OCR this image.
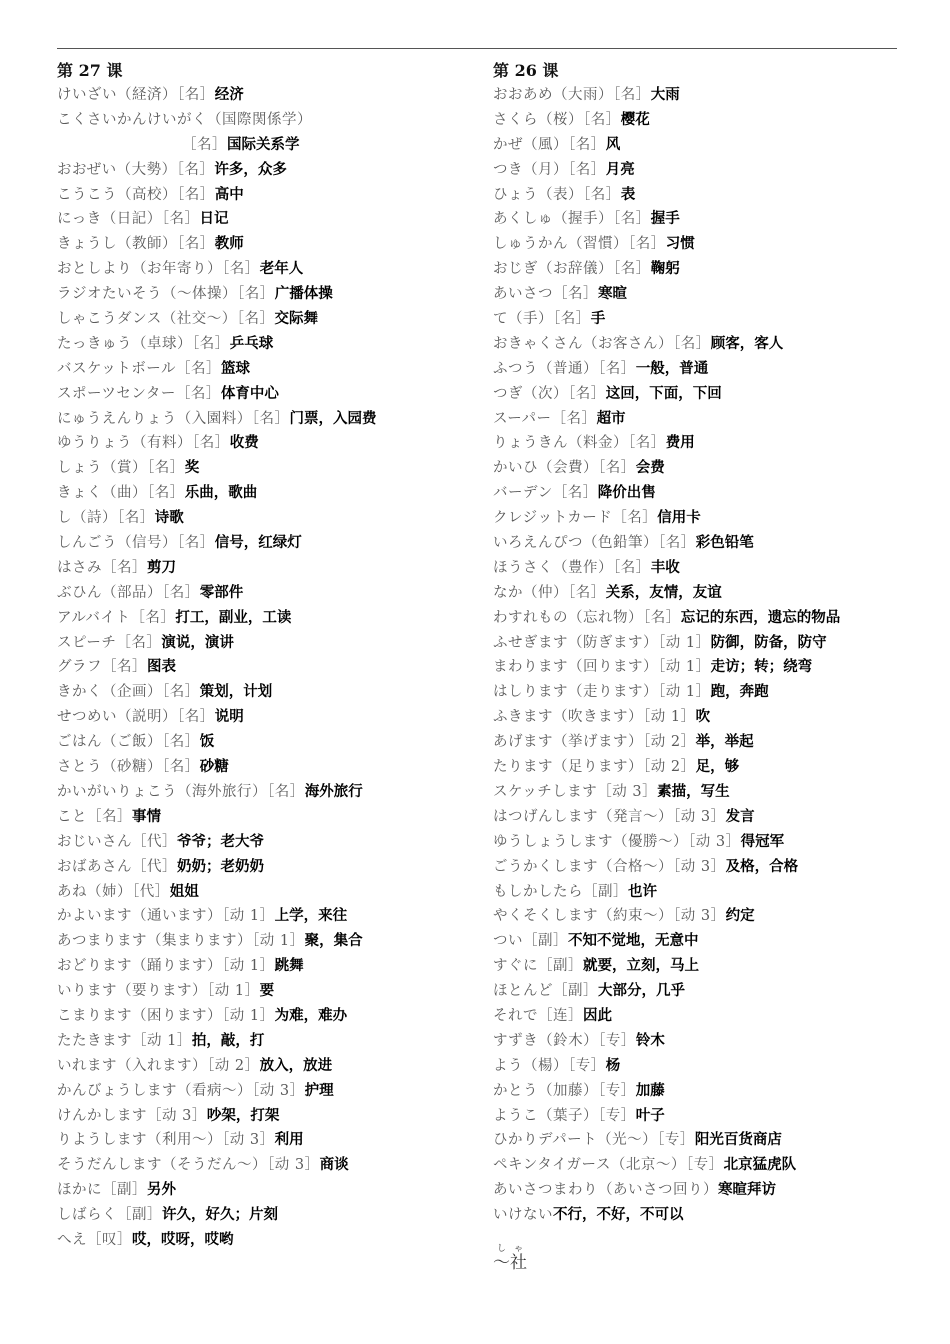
第 27 课
けいざい（経済）［名］经济
こくさいかんけいがく（国際関係学）
［名］国际关系学
おおぜい（大勢）［名］许多，众多
こうこう（高校）［名］高中
にっき（日記）［名］日记
きょうし（教師）［名］教师
おとしより（お年寄り）［名］老年人
ラジオたいそう（～体操）［名］广播体操
しゃこうダンス（社交～）［名］交际舞
たっきゅう（卓球）［名］乒乓球
バスケットボール［名］篮球
スポーツセンター［名］体育中心
にゅうえんりょう（入園料）［名］门票，入园费
ゆうりょう（有料）［名］收费
しょう（賞）［名］奖
きょく（曲）［名］乐曲，歌曲
し（詩）［名］诗歌
しんごう（信号）［名］信号，红绿灯
はさみ［名］剪刀
ぶひん（部品）［名］零部件
アルバイト［名］打工，副业，工读
スピーチ［名］演说，演讲
グラフ［名］图表
きかく（企画）［名］策划，计划
せつめい（説明）［名］说明
ごはん（ご飯）［名］饭
さとう（砂糖）［名］砂糖
かいがいりょこう（海外旅行）［名］海外旅行
こと［名］事情
おじいさん［代］爷爷；老大爷
おばあさん［代］奶奶；老奶奶
あね（姉）［代］姐姐
かよいます（通います）［动 1］上学，来往
あつまります（集まります）［动 1］聚，集合
おどります（踊ります）［动 1］跳舞
いります（要ります）［动 1］要
こまります（困ります）［动 1］为难，难办
たたきます［动 1］拍，敲，打
いれます（入れます）［动 2］放入，放进
かんびょうします（看病～）［动 3］护理
けんかします［动 3］吵架，打架
りようします（利用～）［动 3］利用
そうだんします（そうだん～）［动 3］商谈
ほかに［副］另外
しばらく［副］许久，好久；片刻
へえ［叹］哎，哎呀，哎哟
第 26 课
おおあめ（大雨）［名］大雨
さくら（桜）［名］樱花
かぜ（風）［名］风
つき（月）［名］月亮
ひょう（表）［名］表
あくしゅ（握手）［名］握手
しゅうかん（習慣）［名］习惯
おじぎ（お辞儀）［名］鞠躬
あいさつ［名］寒暄
て（手）［名］手
おきゃくさん（お客さん）［名］顾客，客人
ふつう（普通）［名］一般，普通
つぎ（次）［名］这回，下面，下回
スーパー［名］超市
りょうきん（料金）［名］费用
かいひ（会費）［名］会费
バーデン［名］降价出售
クレジットカード［名］信用卡
いろえんぴつ（色鉛筆）［名］彩色铅笔
ほうさく（豊作）［名］丰收
なか（仲）［名］关系，友情，友谊
わすれもの（忘れ物）［名］忘记的东西，遗忘的物品
ふせぎます（防ぎます）［动 1］防御，防备，防守
まわります（回ります）［动 1］走访；转；绕弯
はしります（走ります）［动 1］跑，奔跑
ふきます（吹きます）［动 1］吹
あげます（挙げます）［动 2］举，举起
たります（足ります）［动 2］足，够
スケッチします［动 3］素描，写生
はつげんします（発言～）［动 3］发言
ゆうしょうします（優勝～）［动 3］得冠军
ごうかくします（合格～）［动 3］及格，合格
もしかしたら［副］也许
やくそくします（約束～）［动 3］约定
つい［副］不知不觉地，无意中
すぐに［副］就要，立刻，马上
ほとんど［副］大部分，几乎
それで［连］因此
すずき（鈴木）［专］铃木
よう（楊）［专］杨
かとう（加藤）［专］加藤
ようこ（葉子）［专］叶子
ひかりデパート（光～）［专］阳光百货商店
ペキンタイガース（北京～）［专］北京猛虎队
あいさつまわり（あいさつ回り）寒暄拜访
いけない不行，不好，不可以
～社しゃ
